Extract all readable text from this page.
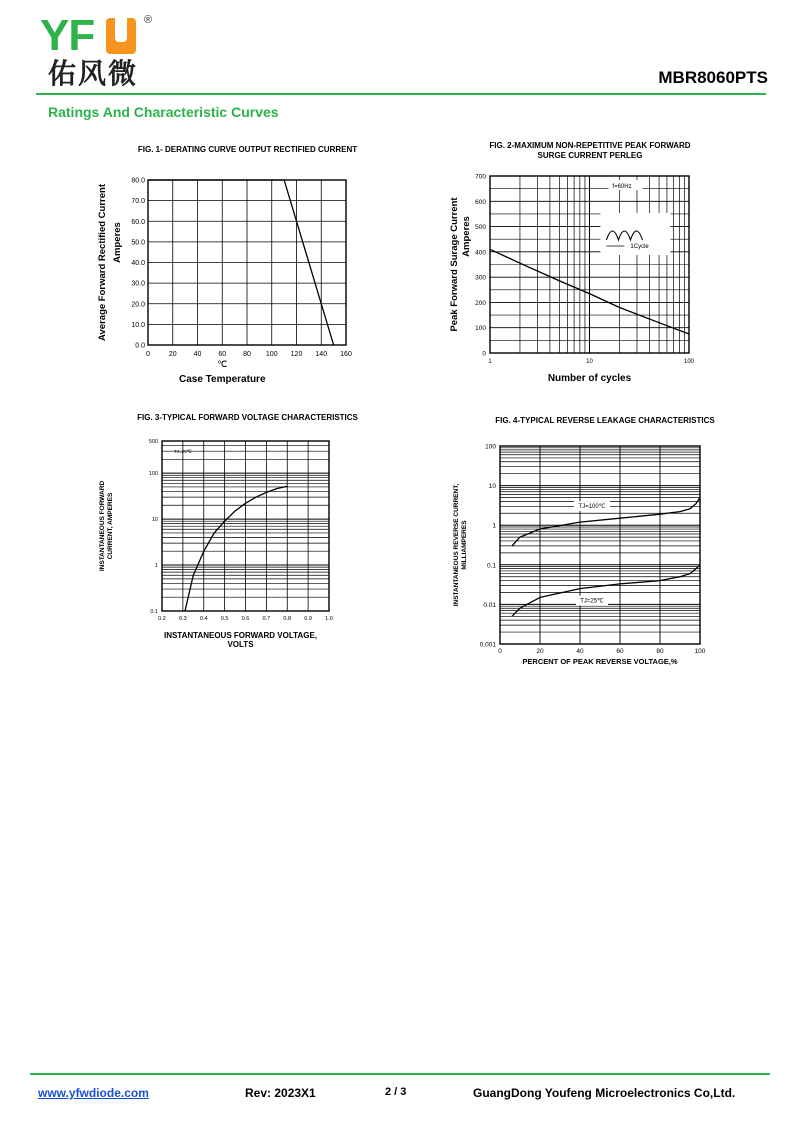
YF	®
佑风微	MBR8060PTS
Ratings And Characteristic Curves
FIG. 1- DERATING CURVE OUTPUT RECTIFIED CURRENT
0	20 40 60 80 100 120 140 160
0.0
10.0
20.0
30.0
40.0
50.0
60.0
70.0
80.0
℃
Case Temperature
Average Forward Rectified Current Amperes
FIG. 2-MAXIMUM NON-REPETITIVE PEAK FORWARD
SURGE CURRENT PERLEG
0
100
200
300
400
500
600
700
1	10	100
f=60Hz
1Cycle
Number of cycles
Peak Forward Surage Current Amperes
FIG. 3-TYPICAL FORWARD VOLTAGE CHARACTERISTICS
0.2 0.3 0.4 0.5 0.6 0.7 0.8 0.9 1.0
0.1
1
10
100
500
TJ=25℃
INSTANTANEOUS FORWARD VOLTAGE,
VOLTS
INSTANTANEOUS FORWARD CURRENT, AMPERES
FIG. 4-TYPICAL REVERSE LEAKAGE CHARACTERISTICS
0	20	40	60	80	100
0.001
0.01
0.1
1
10
100
TJ=100℃
TJ=25℃
PERCENT OF PEAK REVERSE VOLTAGE,%
INSTANTANEOUS REVERSE CURRENT, MILLIAMPERES
www.yfwdiode.com	Rev: 2023X1	2 / 3	GuangDong Youfeng Microelectronics Co,Ltd.
